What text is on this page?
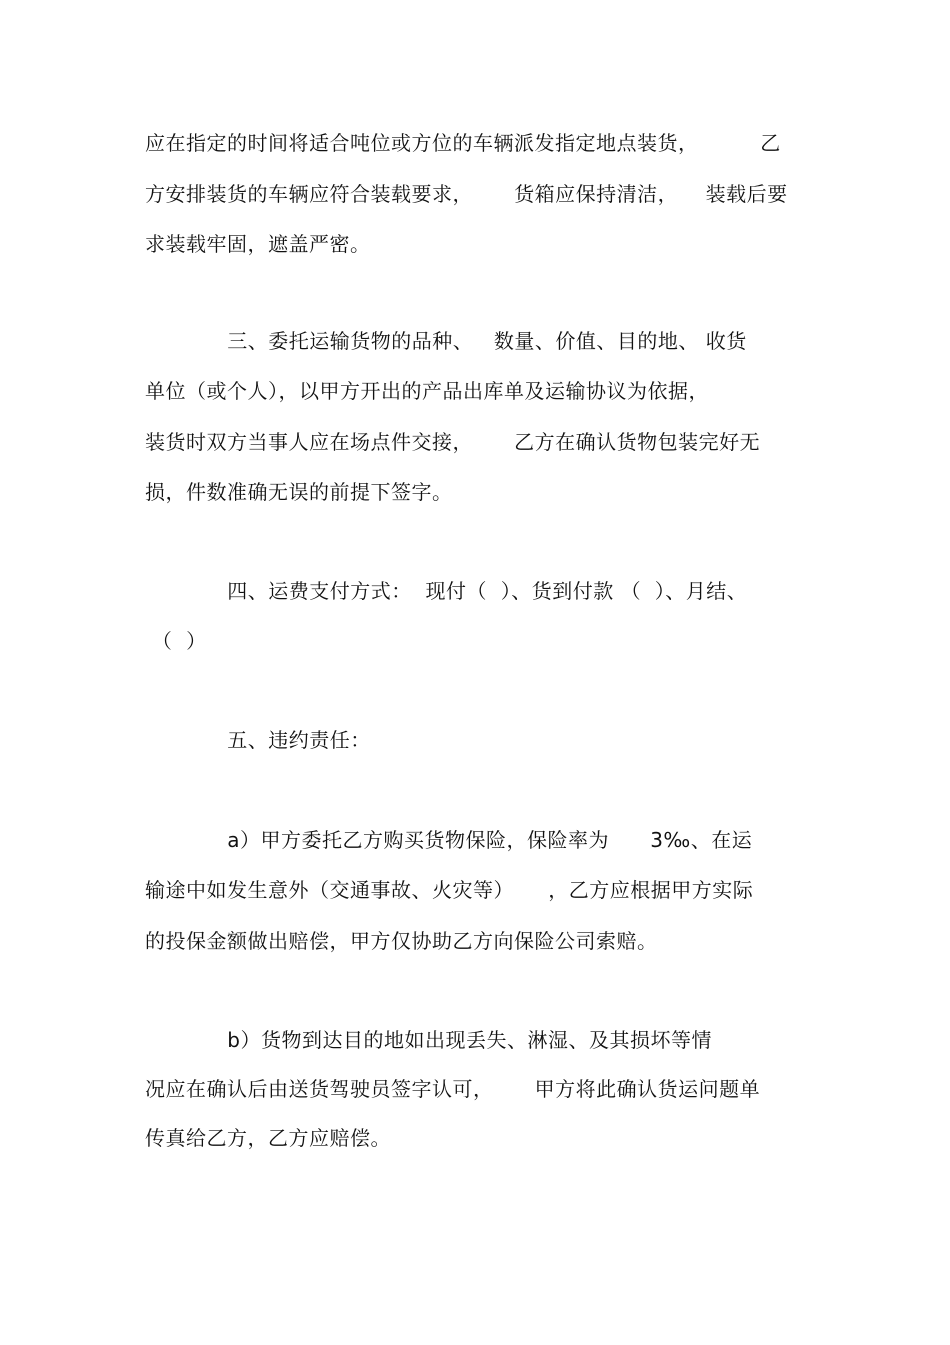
应在指定的时间将适合吨位或方位的车辆派发指定地点装货，         乙
方安排装货的车辆应符合装载要求，      货箱应保持清洁，    装载后要
求装载牢固，遮盖严密。
三、委托运输货物的品种、   数量、价值、目的地、 收货
单位（或个人），以甲方开出的产品出库单及运输协议为依据，
装货时双方当事人应在场点件交接，      乙方在确认货物包装完好无
损，件数准确无误的前提下签字。
四、运费支付方式：  现付（  ）、货到付款 （  ）、月结、
（  ）
五、违约责任：
a）甲方委托乙方购买货物保险，保险率为      3‰、在运
输途中如发生意外（交通事故、火灾等）     ，乙方应根据甲方实际
的投保金额做出赔偿，甲方仅协助乙方向保险公司索赔。
b）货物到达目的地如出现丢失、淋湿、及其损坏等情
况应在确认后由送货驾驶员签字认可，      甲方将此确认货运问题单
传真给乙方，乙方应赔偿。
